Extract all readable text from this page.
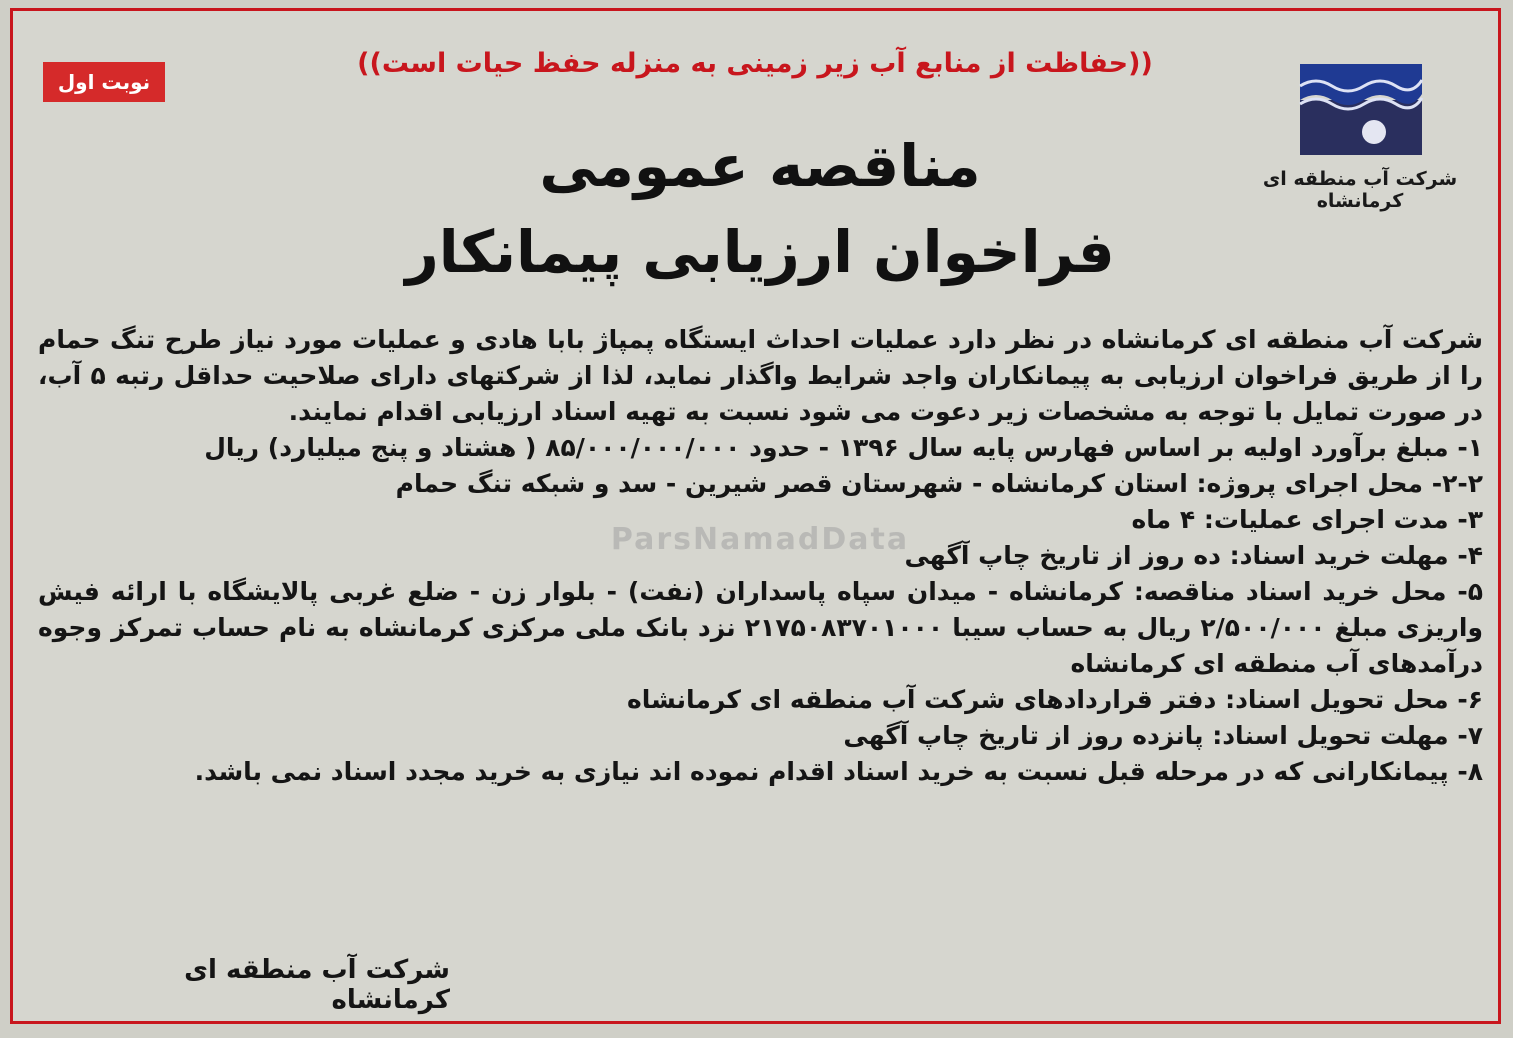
((حفاظت از منابع آب زیر زمینی به منزله حفظ حیات است))
نوبت اول
شرکت آب منطقه ای کرمانشاه
مناقصه عمومی
فراخوان ارزیابی پیمانکار
ParsNamadData
شرکت آب منطقه ای کرمانشاه در نظر دارد عملیات احداث ایستگاه پمپاژ بابا هادی و عملیات مورد نیاز طرح تنگ حمام را از طریق فراخوان ارزیابی به پیمانکاران واجد شرایط واگذار نماید، لذا از شرکتهای دارای صلاحیت حداقل رتبه ۵ آب، در صورت تمایل با توجه به مشخصات زیر دعوت می شود نسبت به تهیه اسناد ارزیابی اقدام نمایند.
۱- مبلغ برآورد اولیه بر اساس فهارس پایه سال ۱۳۹۶ - حدود ۸۵/۰۰۰/۰۰۰/۰۰۰ ( هشتاد و پنج میلیارد) ریال
۲-۲- محل اجرای پروژه: استان کرمانشاه - شهرستان قصر شیرین - سد و شبکه تنگ حمام
۳- مدت اجرای عملیات: ۴ ماه
۴- مهلت خرید اسناد: ده روز از تاریخ چاپ آگهی
۵- محل خرید اسناد مناقصه: کرمانشاه - میدان سپاه پاسداران (نفت) - بلوار زن - ضلع غربی پالایشگاه با ارائه فیش واریزی مبلغ ۲/۵۰۰/۰۰۰ ریال به حساب سیبا ۲۱۷۵۰۸۳۷۰۱۰۰۰ نزد بانک ملی مرکزی کرمانشاه به نام حساب تمرکز وجوه درآمدهای آب منطقه ای کرمانشاه
۶- محل تحویل اسناد: دفتر قراردادهای شرکت آب منطقه ای کرمانشاه
۷- مهلت تحویل اسناد: پانزده روز از تاریخ چاپ آگهی
۸- پیمانکارانی که در مرحله قبل نسبت به خرید اسناد اقدام نموده اند نیازی به خرید مجدد اسناد نمی باشد.
شرکت آب منطقه ای کرمانشاه
